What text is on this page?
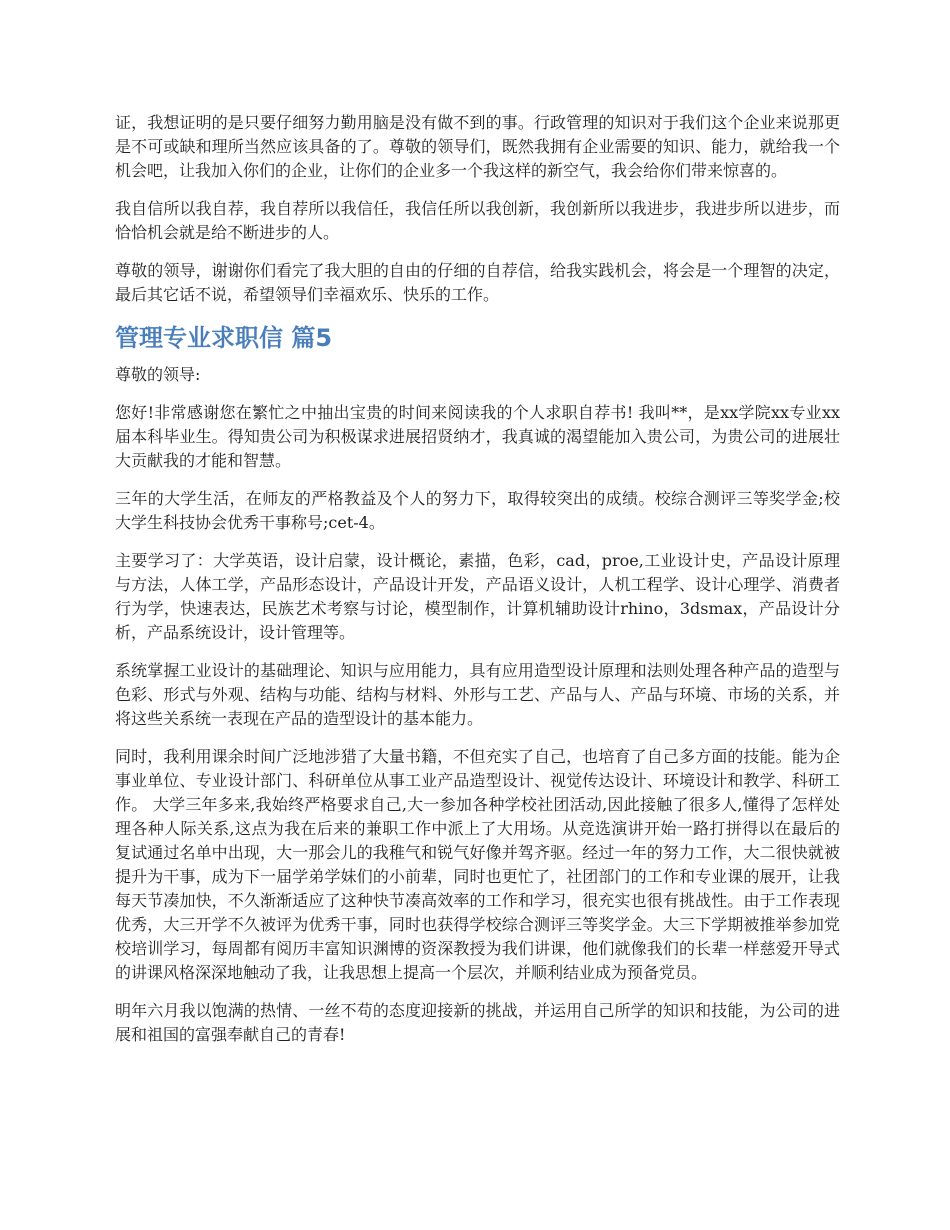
证，我想证明的是只要仔细努力勤用脑是没有做不到的事。行政管理的知识对于我们这个企业来说那更是不可或缺和理所当然应该具备的了。尊敬的领导们，既然我拥有企业需要的知识、能力，就给我一个机会吧，让我加入你们的企业，让你们的企业多一个我这样的新空气，我会给你们带来惊喜的。

我自信所以我自荐，我自荐所以我信任，我信任所以我创新，我创新所以我进步，我进步所以进步，而恰恰机会就是给不断进步的人。

尊敬的领导，谢谢你们看完了我大胆的自由的仔细的自荐信，给我实践机会，将会是一个理智的决定，最后其它话不说，希望领导们幸福欢乐、快乐的工作。

管理专业求职信 篇5

尊敬的领导:

您好!非常感谢您在繁忙之中抽出宝贵的时间来阅读我的个人求职自荐书! 我叫**，是xx学院xx专业xx届本科毕业生。得知贵公司为积极谋求进展招贤纳才，我真诚的渴望能加入贵公司，为贵公司的进展壮大贡献我的才能和智慧。

三年的大学生活，在师友的严格教益及个人的努力下，取得较突出的成绩。校综合测评三等奖学金;校大学生科技协会优秀干事称号;cet-4。

主要学习了：大学英语，设计启蒙，设计概论，素描，色彩，cad，proe,工业设计史，产品设计原理与方法，人体工学，产品形态设计，产品设计开发，产品语义设计，人机工程学、设计心理学、消费者行为学，快速表达，民族艺术考察与讨论，模型制作，计算机辅助设计rhino，3dsmax，产品设计分析，产品系统设计，设计管理等。

系统掌握工业设计的基础理论、知识与应用能力，具有应用造型设计原理和法则处理各种产品的造型与色彩、形式与外观、结构与功能、结构与材料、外形与工艺、产品与人、产品与环境、市场的关系，并将这些关系统一表现在产品的造型设计的基本能力。

同时，我利用课余时间广泛地涉猎了大量书籍，不但充实了自己，也培育了自己多方面的技能。能为企事业单位、专业设计部门、科研单位从事工业产品造型设计、视觉传达设计、环境设计和教学、科研工作。 大学三年多来,我始终严格要求自己,大一参加各种学校社团活动,因此接触了很多人,懂得了怎样处理各种人际关系,这点为我在后来的兼职工作中派上了大用场。从竞选演讲开始一路打拼得以在最后的复试通过名单中出现，大一那会儿的我稚气和锐气好像并驾齐驱。经过一年的努力工作，大二很快就被提升为干事，成为下一届学弟学妹们的小前辈，同时也更忙了，社团部门的工作和专业课的展开，让我每天节凑加快，不久渐渐适应了这种快节凑高效率的工作和学习，很充实也很有挑战性。由于工作表现优秀，大三开学不久被评为优秀干事，同时也获得学校综合测评三等奖学金。大三下学期被推举参加党校培训学习，每周都有阅历丰富知识渊博的资深教授为我们讲课，他们就像我们的长辈一样慈爱开导式的讲课风格深深地触动了我，让我思想上提高一个层次，并顺利结业成为预备党员。

明年六月我以饱满的热情、一丝不苟的态度迎接新的挑战，并运用自己所学的知识和技能，为公司的进展和祖国的富强奉献自己的青春!
